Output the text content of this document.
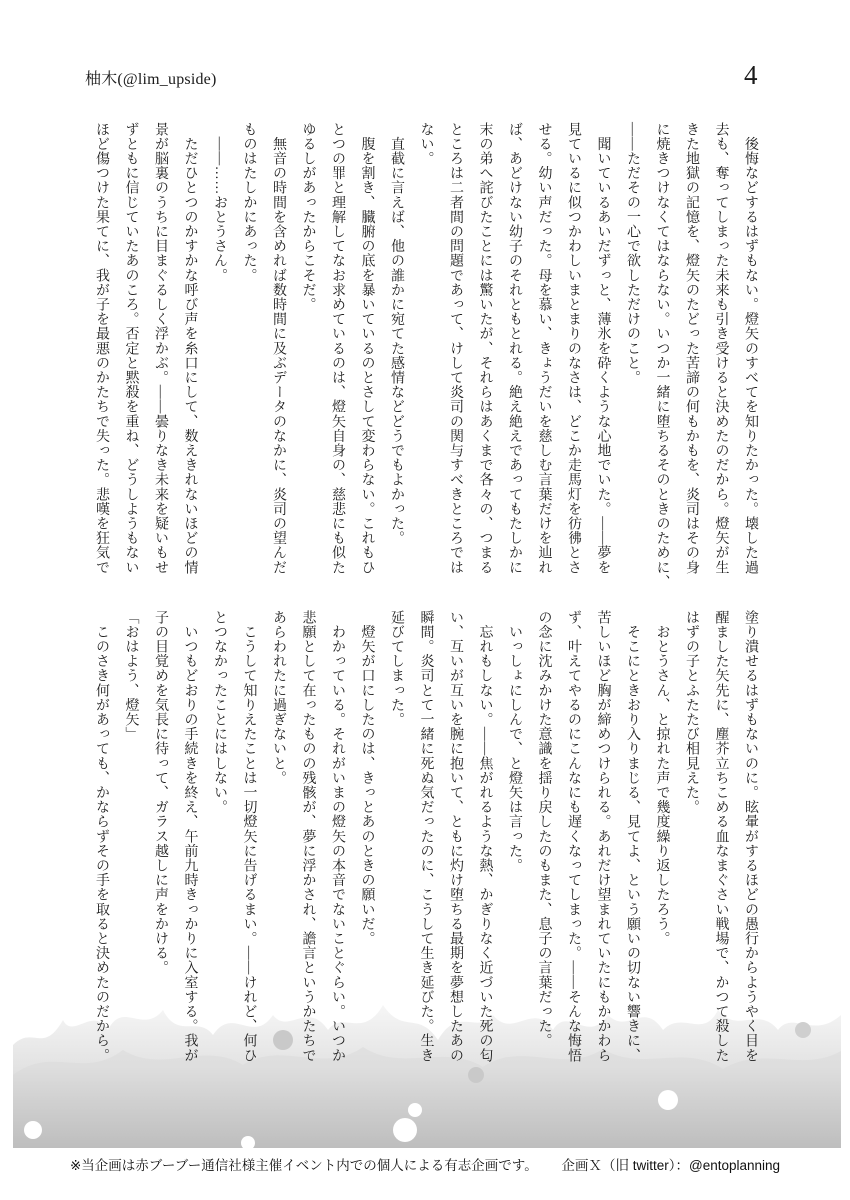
柚木(@lim_upside)	4
　後悔などするはずもない。燈矢のすべてを知りたかった。壊した過
去も、奪ってしまった未来も引き受けると決めたのだから。燈矢が生
きた地獄の記憶を、燈矢のたどった苦諦の何もかもを、炎司はその身
に焼きつけなくてはならない。いつか一緒に堕ちるそのときのために、
――ただその一心で欲しただけのこと。
　聞いているあいだずっと、薄氷を砕くような心地でいた。――夢を
見ているに似つかわしいまとまりのなさは、どこか走馬灯を彷彿とさ
せる。幼い声だった。母を慕い、きょうだいを慈しむ言葉だけを辿れ
ば、あどけない幼子のそれともとれる。絶え絶えであってもたしかに
末の弟へ詫びたことには驚いたが、それらはあくまで各々の、つまる
ところは二者間の問題であって、けして炎司の関与すべきところでは
ない。
　直截に言えば、他の誰かに宛てた感情などどうでもよかった。
　腹を割き、臓腑の底を暴いているのとさして変わらない。これもひ
とつの罪と理解してなお求めているのは、燈矢自身の、慈悲にも似た
ゆるしがあったからこそだ。
　無音の時間を含めれば数時間に及ぶデータのなかに、炎司の望んだ
ものはたしかにあった。
　――……おとうさん。
　ただひとつのかすかな呼び声を糸口にして、数えきれないほどの情
景が脳裏のうちに目まぐるしく浮かぶ。――曇りなき未来を疑いもせ
ずともに信じていたあのころ。否定と黙殺を重ね、どうしようもない
ほど傷つけた果てに、我が子を最悪のかたちで失った。悲嘆を狂気で
塗り潰せるはずもないのに。眩暈がするほどの愚行からようやく目を
醒ました矢先に、塵芥立ちこめる血なまぐさい戦場で、かつて殺した
はずの子とふたたび相見えた。
　おとうさん、と掠れた声で幾度繰り返したろう。
　そこにときおり入りまじる、見てよ、という願いの切ない響きに、
苦しいほど胸が締めつけられる。あれだけ望まれていたにもかかわら
ず、叶えてやるのにこんなにも遅くなってしまった。――そんな悔悟
の念に沈みかけた意識を揺り戻したのもまた、息子の言葉だった。
　いっしょにしんで、と燈矢は言った。
　忘れもしない。――焦がれるような熱、かぎりなく近づいた死の匂
い、互いが互いを腕に抱いて、ともに灼け堕ちる最期を夢想したあの
瞬間。炎司とて一緒に死ぬ気だったのに、こうして生き延びた。生き
延びてしまった。
　燈矢が口にしたのは、きっとあのときの願いだ。
　わかっている。それがいまの燈矢の本音でないことぐらい。いつか
悲願として在ったものの残骸が、夢に浮かされ、譫言というかたちで
あらわれたに過ぎないと。
　こうして知りえたことは一切燈矢に告げるまい。――けれど、何ひ
とつなかったことにはしない。
　いつもどおりの手続きを終え、午前九時きっかりに入室する。我が
子の目覚めを気長に待って、ガラス越しに声をかける。
「おはよう、燈矢」
　このさき何があっても、かならずその手を取ると決めたのだから。
※当企画は赤ブーブー通信社様主催イベント内での個人による有志企画です。 企画Ｘ（旧 twitter）：@entoplanning
